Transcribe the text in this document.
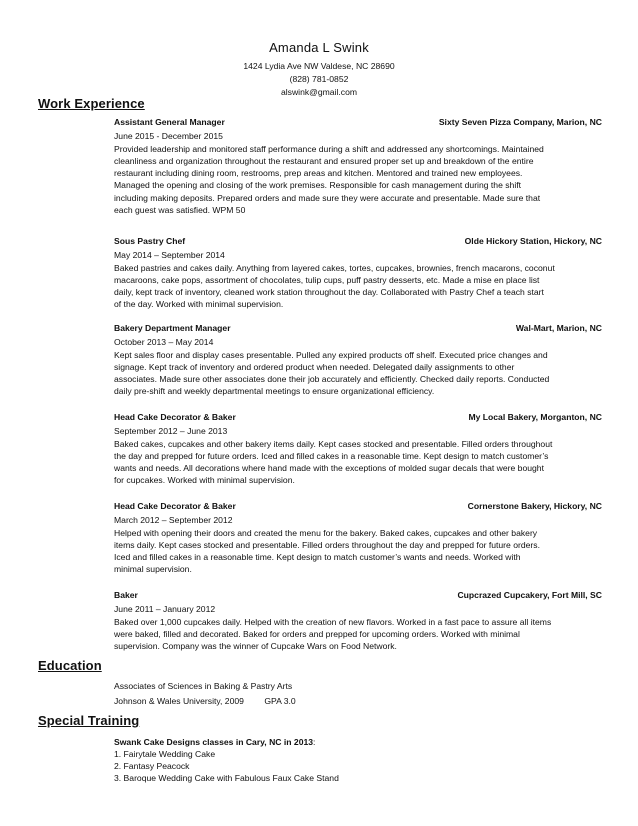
Amanda L Swink
1424 Lydia Ave NW Valdese, NC 28690
(828) 781-0852
alswink@gmail.com
Work Experience
Assistant General Manager	Sixty Seven Pizza Company, Marion, NC
June 2015 - December 2015
Provided leadership and monitored staff performance during a shift and addressed any shortcomings. Maintained
cleanliness and organization throughout the restaurant and ensured proper set up and breakdown of the entire
restaurant including dining room, restrooms, prep areas and kitchen. Mentored and trained new employees.
Managed the opening and closing of the work premises. Responsible for cash management during the shift
including making deposits. Prepared orders and made sure they were accurate and presentable. Made sure that
each guest was satisfied. WPM 50
Sous Pastry Chef	Olde Hickory Station, Hickory, NC
May 2014 – September 2014
Baked pastries and cakes daily. Anything from layered cakes, tortes, cupcakes, brownies, french macarons, coconut
macaroons, cake pops, assortment of chocolates, tulip cups, puff pastry desserts, etc. Made a mise en place list
daily, kept track of inventory, cleaned work station throughout the day. Collaborated with Pastry Chef a teach start
of the day. Worked with minimal supervision.
Bakery Department Manager	Wal-Mart, Marion, NC
October 2013 – May 2014
Kept sales floor and display cases presentable. Pulled any expired products off shelf. Executed price changes and
signage. Kept track of inventory and ordered product when needed. Delegated daily assignments to other
associates. Made sure other associates done their job accurately and efficiently. Checked daily reports. Conducted
daily pre-shift and weekly departmental meetings to ensure organizational efficiency.
Head Cake Decorator & Baker	My Local Bakery, Morganton, NC
September 2012 – June 2013
Baked cakes, cupcakes and other bakery items daily. Kept cases stocked and presentable. Filled orders throughout
the day and prepped for future orders. Iced and filled cakes in a reasonable time. Kept design to match customer’s
wants and needs. All decorations where hand made with the exceptions of molded sugar decals that were bought
for cupcakes. Worked with minimal supervision.
Head Cake Decorator & Baker	Cornerstone Bakery, Hickory, NC
March 2012 – September 2012
Helped with opening their doors and created the menu for the bakery. Baked cakes, cupcakes and other bakery
items daily. Kept cases stocked and presentable. Filled orders throughout the day and prepped for future orders.
Iced and filled cakes in a reasonable time. Kept design to match customer’s wants and needs. Worked with
minimal supervision.
Baker	Cupcrazed Cupcakery, Fort Mill, SC
June 2011 – January 2012
Baked over 1,000 cupcakes daily. Helped with the creation of new flavors. Worked in a fast pace to assure all items
were baked, filled and decorated. Baked for orders and prepped for upcoming orders. Worked with minimal
supervision. Company was the winner of Cupcake Wars on Food Network.
Education
Associates of Sciences in Baking & Pastry Arts
Johnson & Wales University, 2009 GPA 3.0
Special Training
Swank Cake Designs classes in Cary, NC in 2013:
1. Fairytale Wedding Cake
2. Fantasy Peacock
3. Baroque Wedding Cake with Fabulous Faux Cake Stand
